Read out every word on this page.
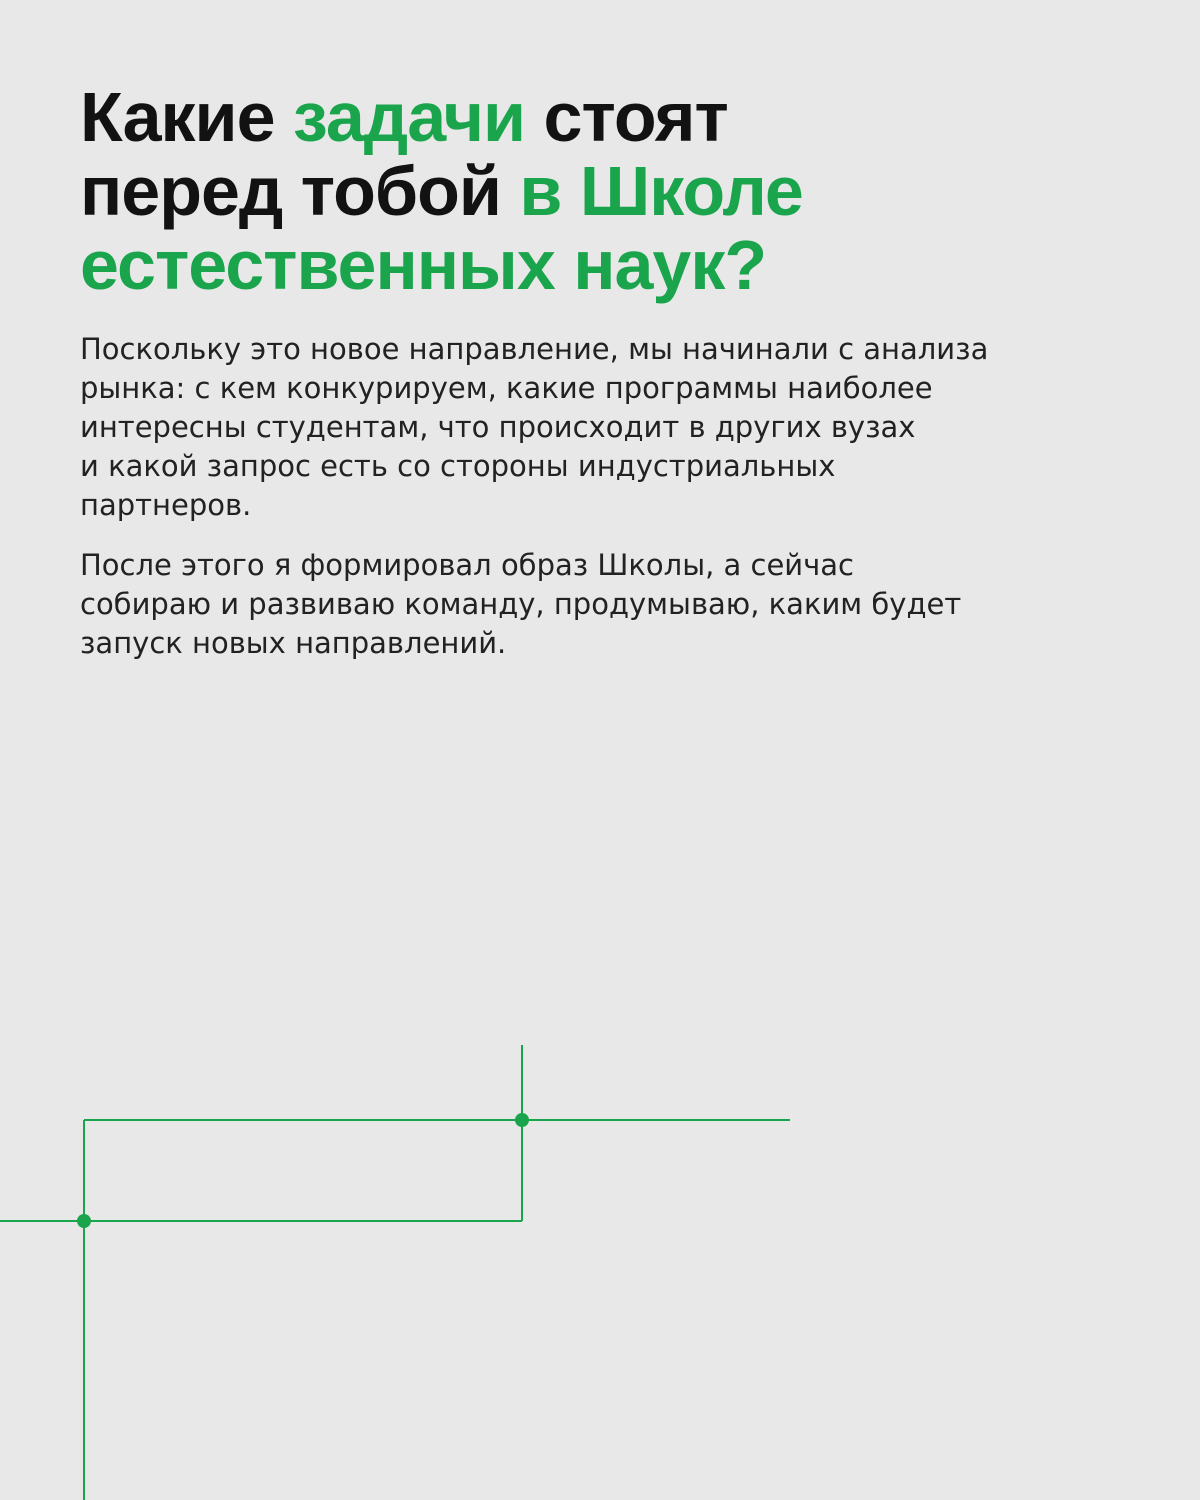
Какие задачи стоят
перед тобой в Школе
естественных наук?

Поскольку это новое направление, мы начинали с анализа
рынка: с кем конкурируем, какие программы наиболее
интересны студентам, что происходит в других вузах
и какой запрос есть со стороны индустриальных
партнеров.

После этого я формировал образ Школы, а сейчас
собираю и развиваю команду, продумываю, каким будет
запуск новых направлений.
